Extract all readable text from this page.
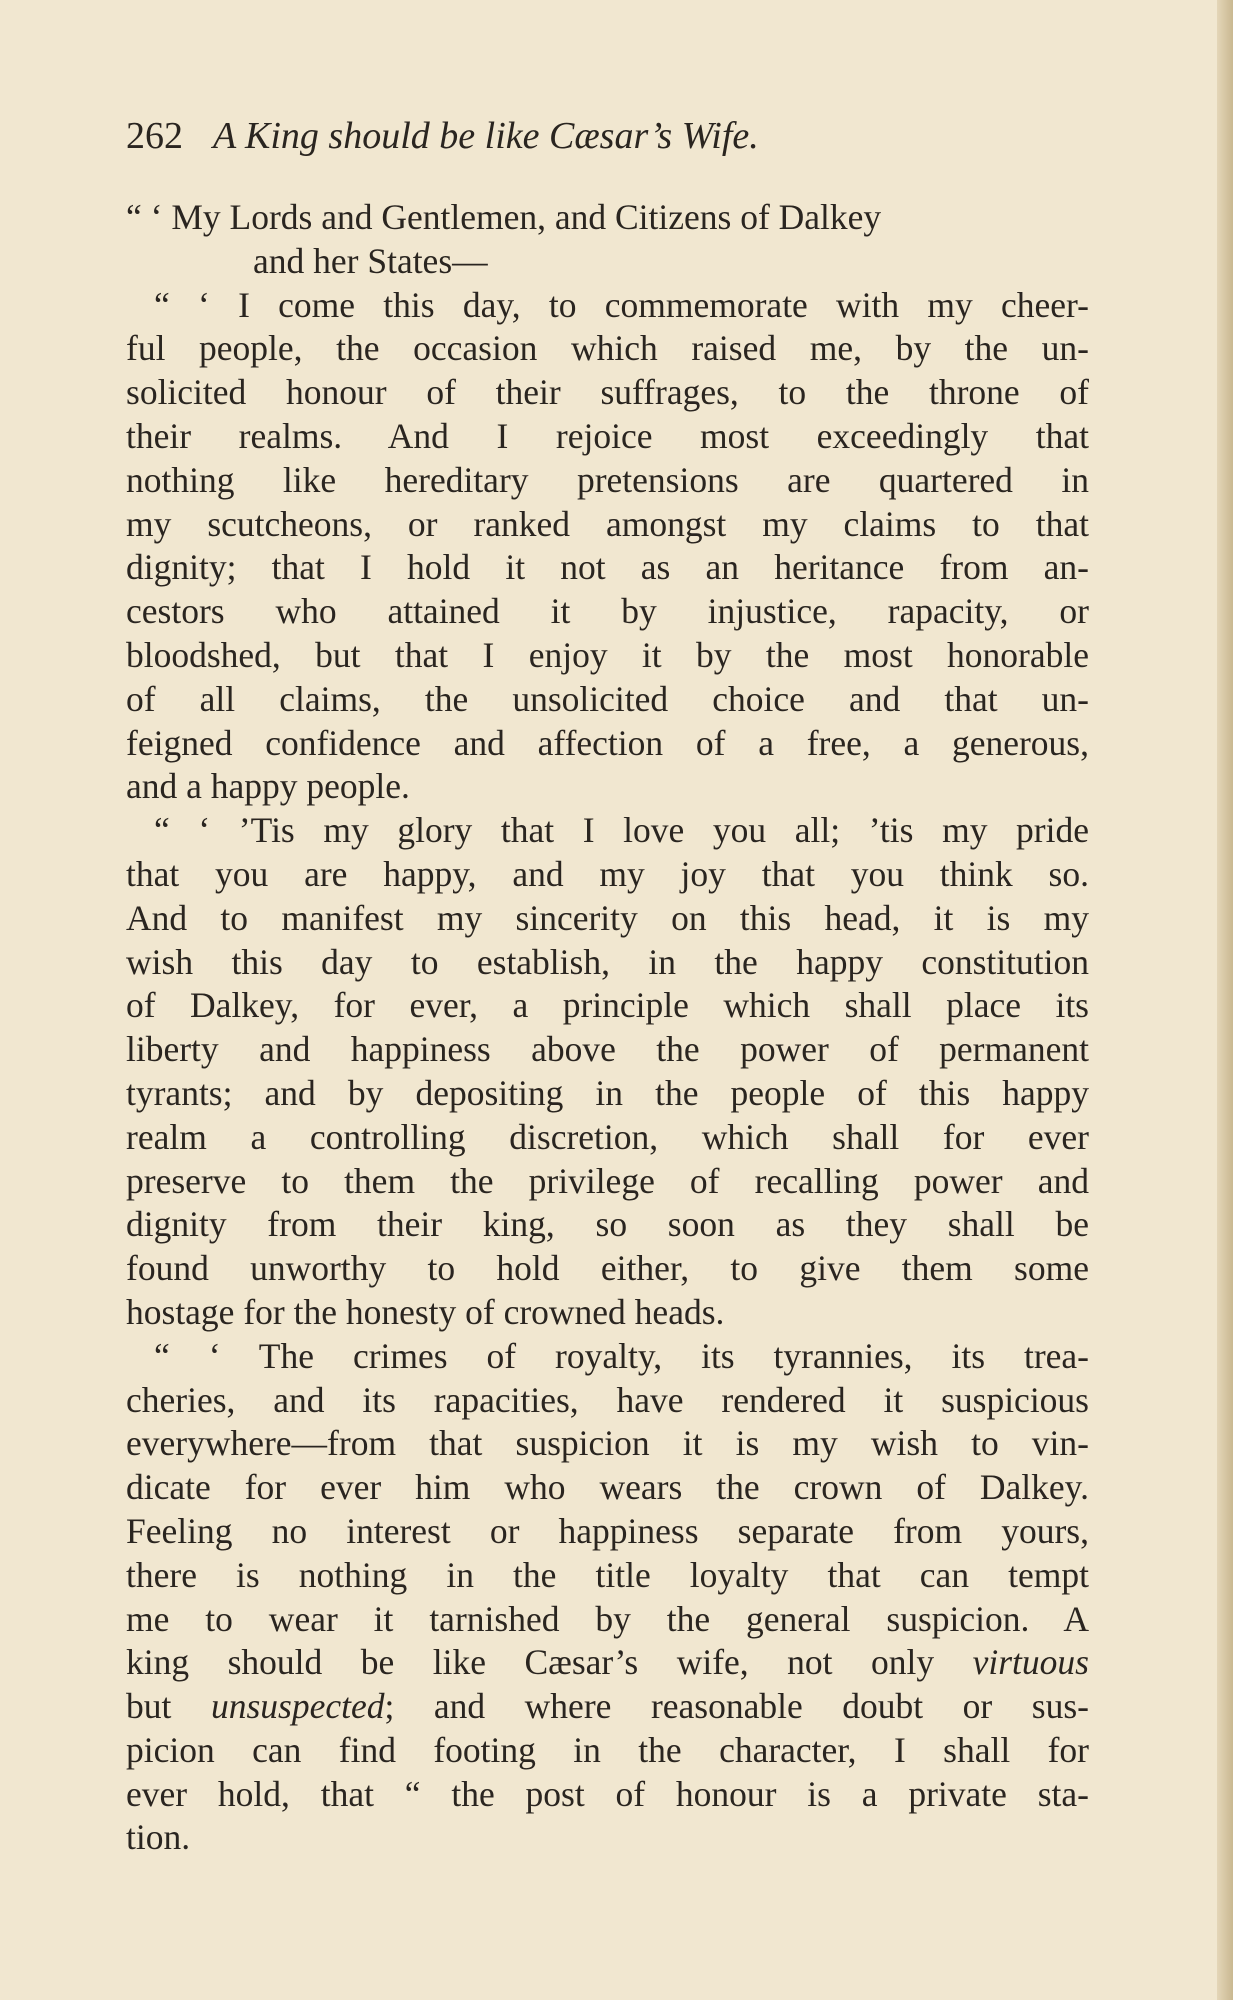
262 A King should be like Cæsar’s Wife.
“ ‘ My Lords and Gentlemen, and Citizens of Dalkey
and her States—
“ ‘ I come this day, to commemorate with my cheer-
ful people, the occasion which raised me, by the un-
solicited honour of their suffrages, to the throne of
their realms. And I rejoice most exceedingly that
nothing like hereditary pretensions are quartered in
my scutcheons, or ranked amongst my claims to that
dignity; that I hold it not as an heritance from an-
cestors who attained it by injustice, rapacity, or
bloodshed, but that I enjoy it by the most honorable
of all claims, the unsolicited choice and that un-
feigned confidence and affection of a free, a generous,
and a happy people.
“ ‘ ’Tis my glory that I love you all; ’tis my pride
that you are happy, and my joy that you think so.
And to manifest my sincerity on this head, it is my
wish this day to establish, in the happy constitution
of Dalkey, for ever, a principle which shall place its
liberty and happiness above the power of permanent
tyrants; and by depositing in the people of this happy
realm a controlling discretion, which shall for ever
preserve to them the privilege of recalling power and
dignity from their king, so soon as they shall be
found unworthy to hold either, to give them some
hostage for the honesty of crowned heads.
“ ‘ The crimes of royalty, its tyrannies, its trea-
cheries, and its rapacities, have rendered it suspicious
everywhere—from that suspicion it is my wish to vin-
dicate for ever him who wears the crown of Dalkey.
Feeling no interest or happiness separate from yours,
there is nothing in the title loyalty that can tempt
me to wear it tarnished by the general suspicion. A
king should be like Cæsar’s wife, not only virtuous
but unsuspected; and where reasonable doubt or sus-
picion can find footing in the character, I shall for
ever hold, that “ the post of honour is a private sta-
tion.
